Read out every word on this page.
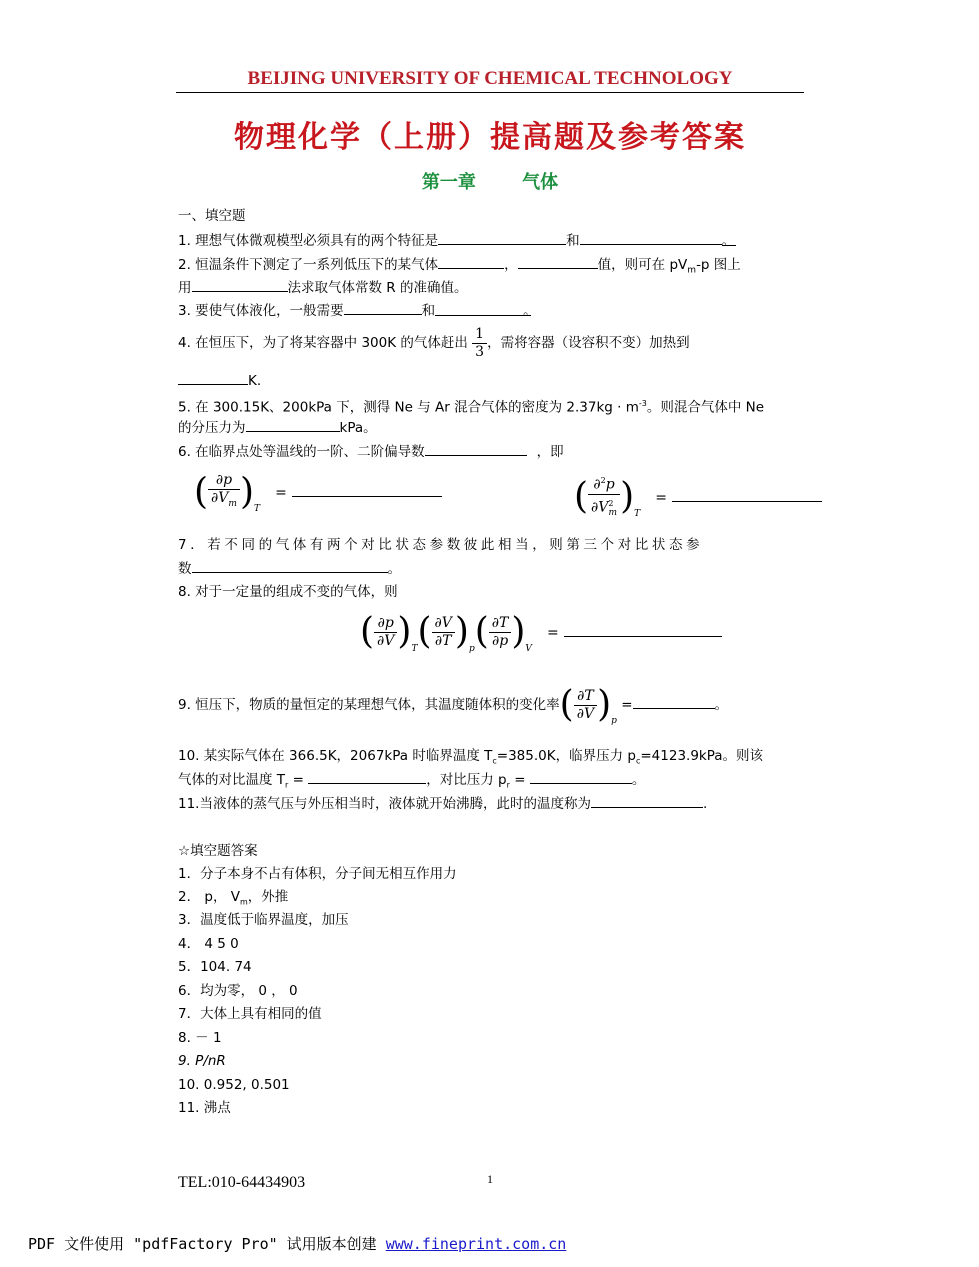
BEIJING UNIVERSITY OF CHEMICAL TECHNOLOGY
物理化学（上册）提高题及参考答案
第一章	气体
一、填空题
1. 理想气体微观模型必须具有的两个特征是	和	。
2. 恒温条件下测定了一系列低压下的某气体	，	值，则可在 $pV_m-p$ 图上
用	法求取气体常数 R 的准确值。
3. 要使气体液化，一般需要	和	。
4. 在恒压下，为了将某容器中 300K 的气体赶出 $\frac{1}{3}$ ，需将容器（设容积不变）加热到
K.
5. 在 300.15K、200kPa 下，测得 Ne 与 Ar 混合气体的密度为 $2.37kg \cdot m^{-3}$。则混合气体中 Ne
的分压力为	kPa。
6. 在临界点处等温线的一阶、二阶偏导数	，即
( $\frac{\partial p}{\partial V_m} )_T$ =	( $\frac{\partial^2p}{\partial V^2_m} )_T$ =
7．若不同的气体有两个对比状态参数彼此相当，则第三个对比状态参
数	。
8. 对于一定量的组成不变的气体，则
( $\frac{\partial p}{\partial V} )_T( \frac{\partial V}{\partial T} )_p( \frac{\partial T}{\partial p} )_V$ =
9. 恒压下，物质的量恒定的某理想气体，其温度随体积的变化率( $\frac{\partial T}{\partial V} )_p$ =	。
10. 某实际气体在 366.5K，2067kPa 时临界温度 $T_c=385.0K$，临界压力 $p_c=4123.9kPa$。则该
气体的对比温度 $T_r$ =	，对比压力 $p_r$ =	。
11.当液体的蒸气压与外压相当时，液体就开始沸腾，此时的温度称为	.
☆填空题答案
1．分子本身不占有体积，分子间无相互作用力
2． p， $V_m$，外推
3．温度低于临界温度，加压
4． 4 5 0
5．104. 74
6．均为零， 0 ， 0
7．大体上具有相同的值
8. － 1
9. P/nR
10. 0.952, 0.501
11. 沸点
TEL:010-64434903	1
PDF 文件使用 "pdfFactory Pro" 试用版本创建 www.fineprint.com.cn
